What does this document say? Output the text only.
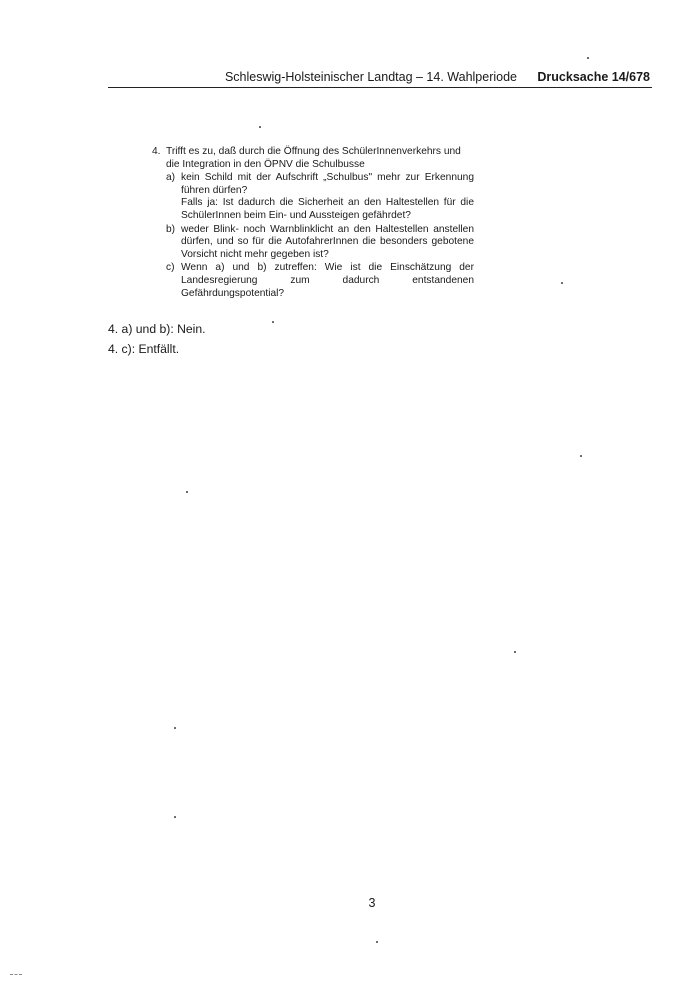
Schleswig-Holsteinischer Landtag – 14. Wahlperiode Drucksache 14/678
4. Trifft es zu, daß durch die Öffnung des SchülerInnenverkehrs und die Integration in den ÖPNV die Schulbusse
a) kein Schild mit der Aufschrift „Schulbus" mehr zur Erkennung führen dürfen?

Falls ja: Ist dadurch die Sicherheit an den Haltestellen für die SchülerInnen beim Ein- und Aussteigen gefährdet?

b) weder Blink- noch Warnblinklicht an den Haltestellen anstellen dürfen, und so für die AutofahrerInnen die besonders gebotene Vorsicht nicht mehr gegeben ist?

c) Wenn a) und b) zutreffen: Wie ist die Einschätzung der Landesregierung zum dadurch entstandenen Gefährdungspotential?

4. a) und b): Nein.
4. c): Entfällt.
3
